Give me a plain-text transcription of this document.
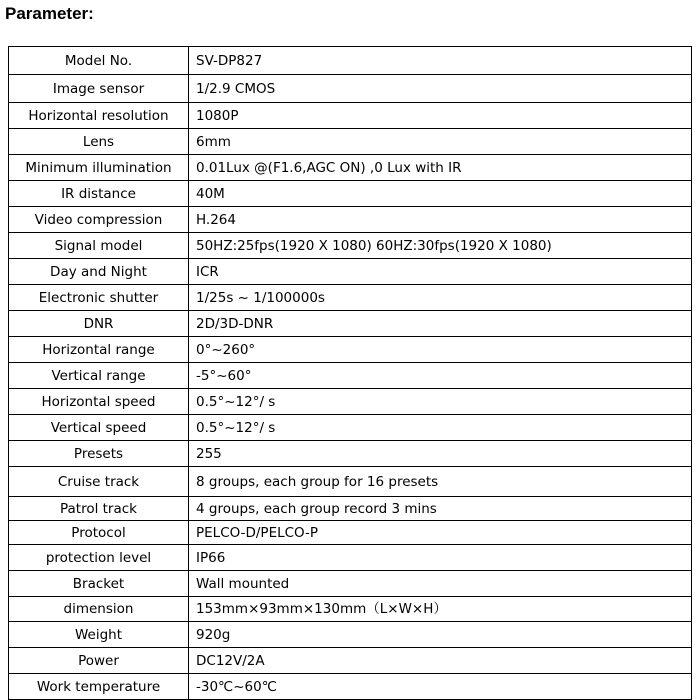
Parameter:
Model No.	SV-DP827
Image sensor	1/2.9 CMOS
Horizontal resolution	1080P
Lens	6mm
Minimum illumination	0.01Lux @(F1.6,AGC ON) ,0 Lux with IR
IR distance	40M
Video compression	H.264
Signal model	50HZ:25fps(1920 X 1080) 60HZ:30fps(1920 X 1080)
Day and Night	ICR
Electronic shutter	1/25s ~ 1/100000s
DNR	2D/3D-DNR
Horizontal range	0°~260°
Vertical range	-5°~60°
Horizontal speed	0.5°~12°/ s
Vertical speed	0.5°~12°/ s
Presets	255
Cruise track	8 groups, each group for 16 presets
Patrol track	4 groups, each group record 3 mins
Protocol	PELCO-D/PELCO-P
protection level	IP66
Bracket	Wall mounted
dimension	153mm×93mm×130mm（L×W×H）
Weight	920g
Power	DC12V/2A
Work temperature	-30℃~60℃
